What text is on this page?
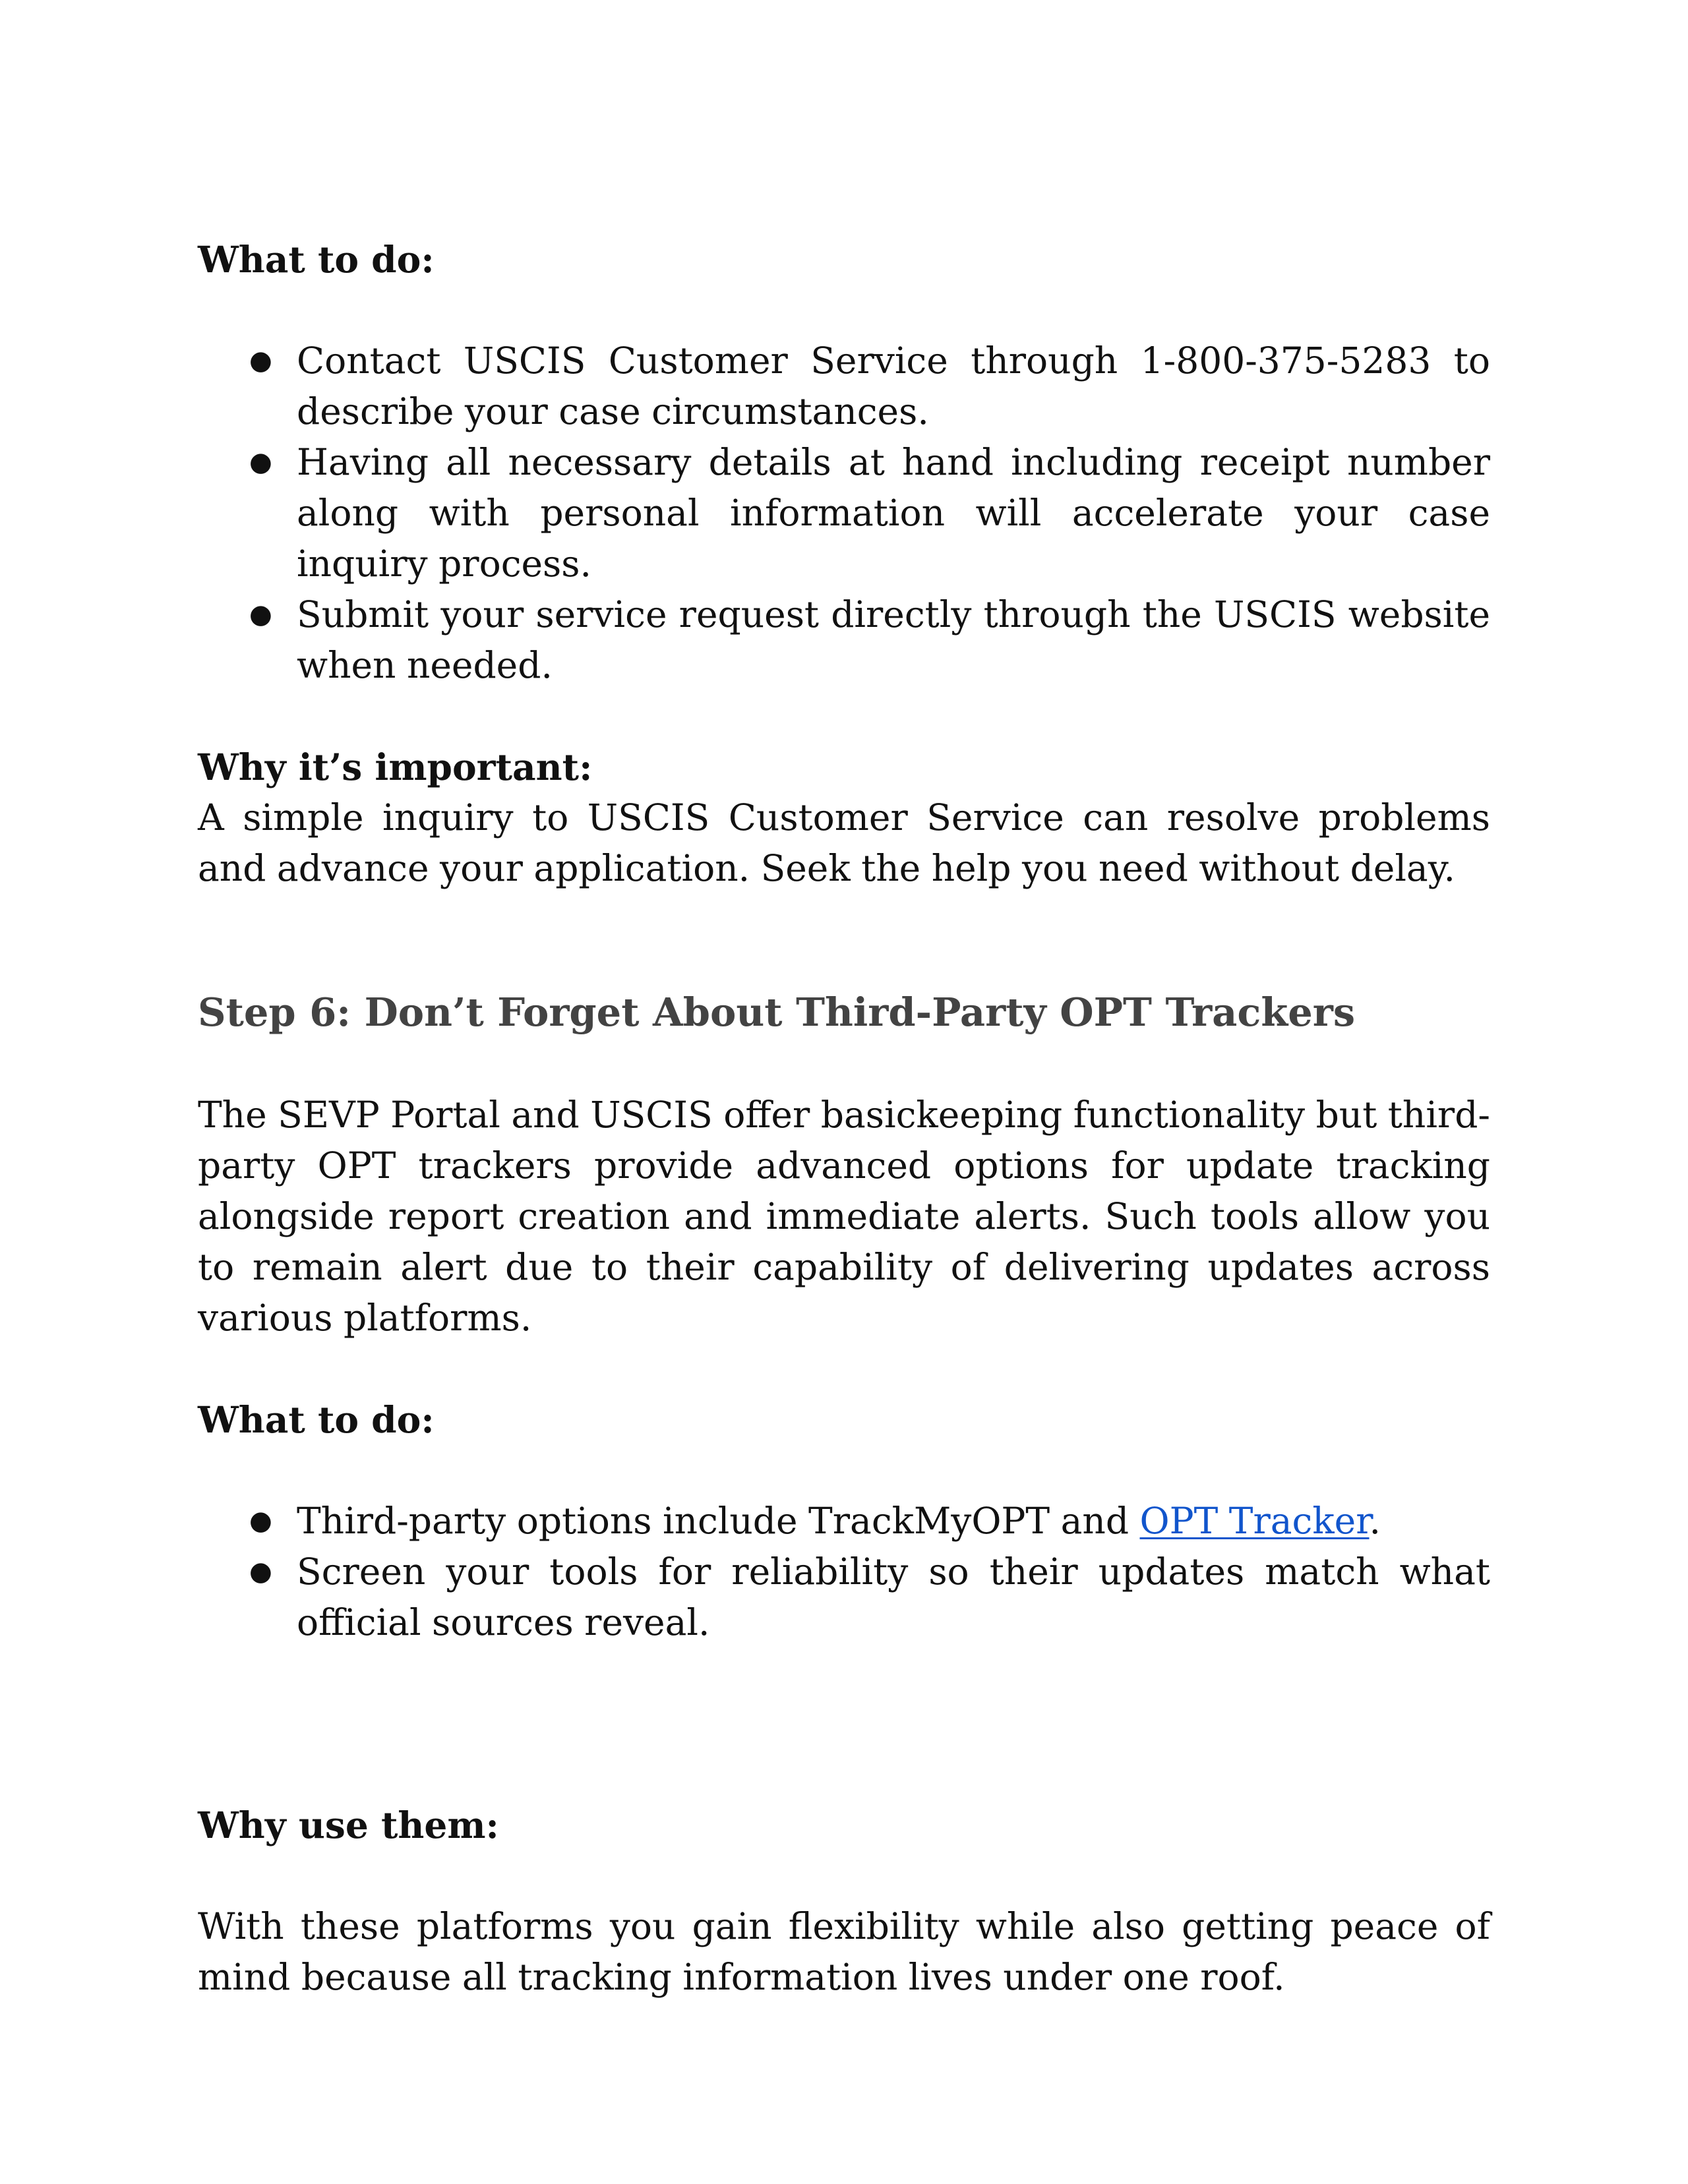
What to do:

● Contact USCIS Customer Service through 1-800-375-5283 to describe your case circumstances.
● Having all necessary details at hand including receipt number along with personal information will accelerate your case inquiry process.
● Submit your service request directly through the USCIS website when needed.

Why it’s important:

A simple inquiry to USCIS Customer Service can resolve problems and advance your application. Seek the help you need without delay.

Step 6: Don’t Forget About Third-Party OPT Trackers

The SEVP Portal and USCIS offer basickeeping functionality but third-party OPT trackers provide advanced options for update tracking alongside report creation and immediate alerts. Such tools allow you to remain alert due to their capability of delivering updates across various platforms.

What to do:

● Third-party options include TrackMyOPT and OPT Tracker.
● Screen your tools for reliability so their updates match what official sources reveal.

Why use them:

With these platforms you gain flexibility while also getting peace of mind because all tracking information lives under one roof.
